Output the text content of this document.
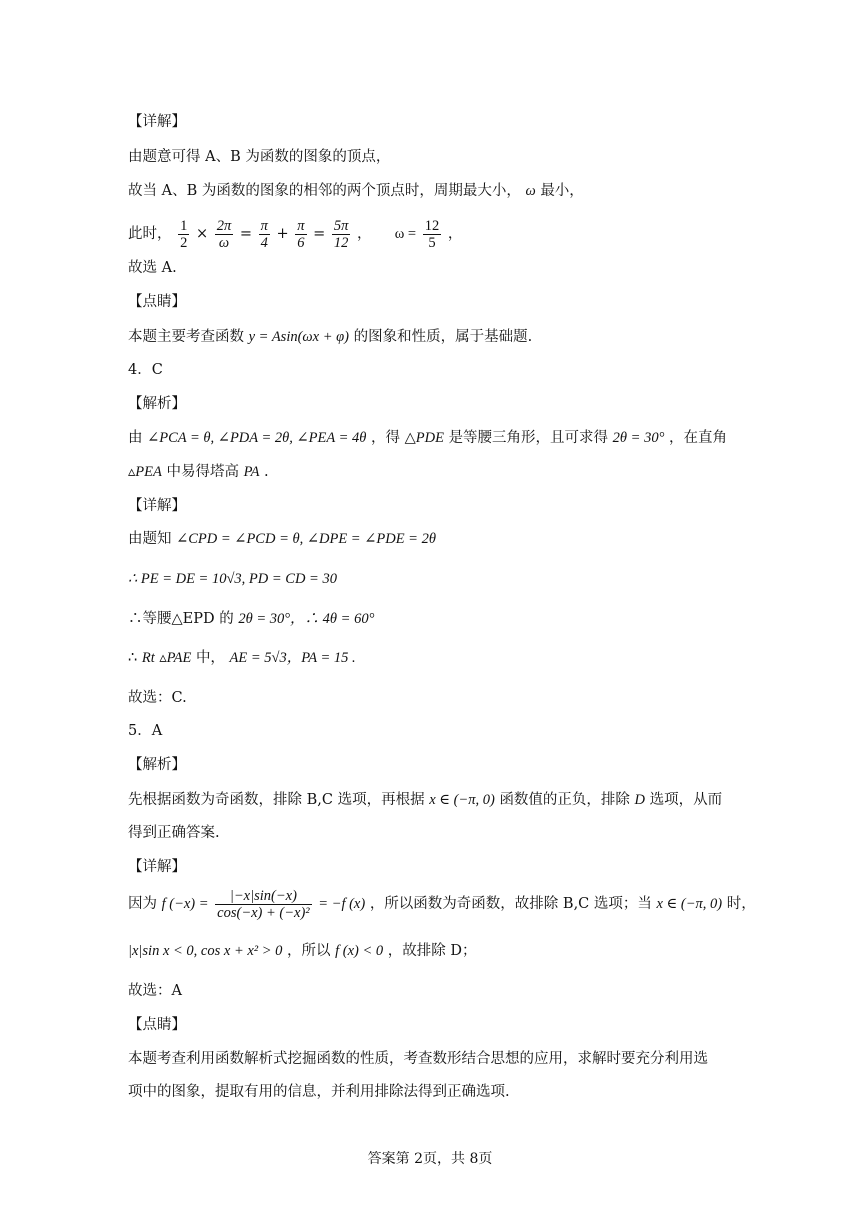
【详解】
由题意可得 A、B 为函数的图象的顶点，
故当 A、B 为函数的图象的相邻的两个顶点时，周期最大小， ω 最小，
此时， $\frac{1}{2} \times \frac{2\pi}{\omega} = \frac{\pi}{4} + \frac{\pi}{6} = \frac{5\pi}{12}$ ， $\omega = \frac{12}{5}$ ，
故选 A.
【点睛】
本题主要考查函数 y = Asin(ωx + φ) 的图象和性质，属于基础题.
4．C
【解析】
由 ∠PCA = θ, ∠PDA = 2θ, ∠PEA = 4θ ，得 △PDE 是等腰三角形，且可求得 2θ = 30° ，在直角
▵PEA 中易得塔高 PA .
【详解】
由题知 ∠CPD = ∠PCD = θ, ∠DPE = ∠PDE = 2θ
∴ PE = DE = 10√3, PD = CD = 30
∴等腰△EPD 的 2θ = 30°，∴ 4θ = 60°
∴ Rt ▵PAE 中， AE = 5√3，PA = 15 .
故选：C.
5．A
【解析】
先根据函数为奇函数，排除 B,C 选项，再根据 x ∈ (−π, 0) 函数值的正负，排除 D 选项，从而
得到正确答案.
【详解】
因为 f $(-x) = \frac{|-x|\sin(-x)}{\text{cos(−x) + (−x)²}} = -f$ (x) ，所以函数为奇函数，故排除 B,C 选项；当 x ∈ (−π, 0) 时，
|x|sin x < 0, cos x + x² > 0 ，所以 f (x) < 0 ，故排除 D；
故选：A
【点睛】
本题考查利用函数解析式挖掘函数的性质，考查数形结合思想的应用，求解时要充分利用选
项中的图象，提取有用的信息，并利用排除法得到正确选项.
答案第 2页，共 8页
